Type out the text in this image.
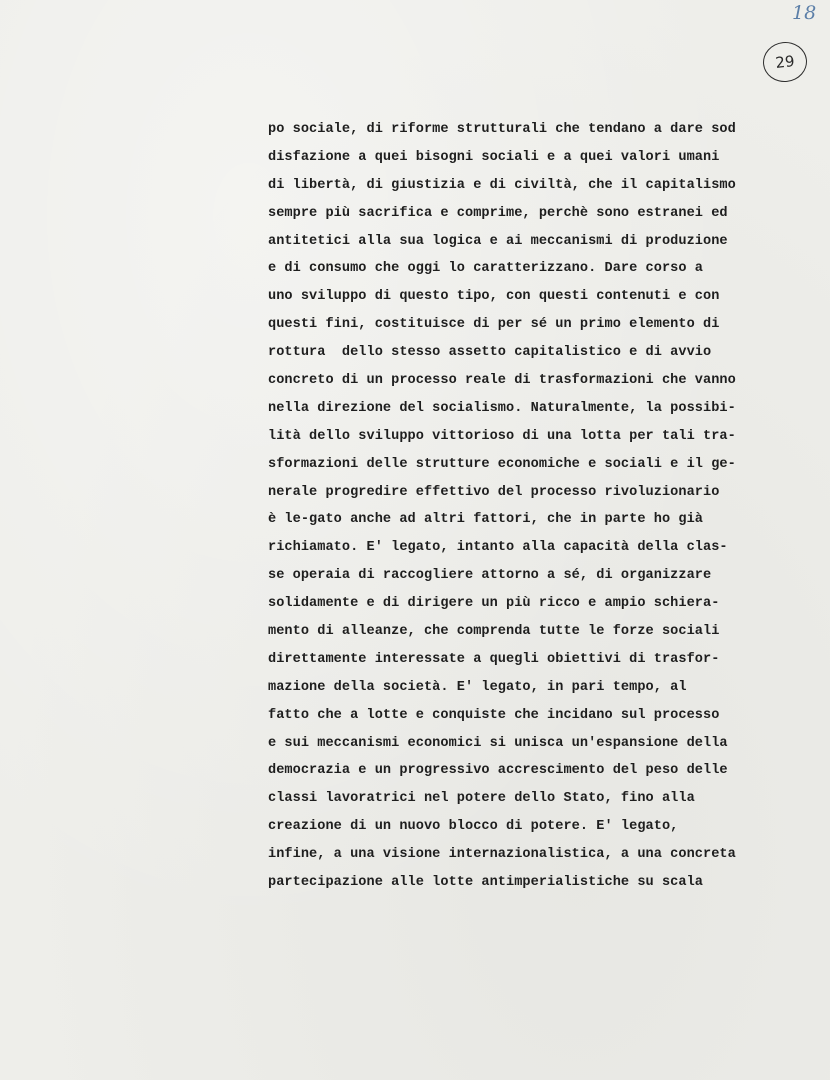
18
29
po sociale, di riforme strutturali che tendano a dare sod
disfazione a quei bisogni sociali e a quei valori umani
di libertà, di giustizia e di civiltà, che il capitalismo
sempre più sacrifica e comprime, perchè sono estranei ed
antitetici alla sua logica e ai meccanismi di produzione
e di consumo che oggi lo caratterizzano. Dare corso a
uno sviluppo di questo tipo, con questi contenuti e con
questi fini, costituisce di per sé un primo elemento di
rottura  dello stesso assetto capitalistico e di avvio
concreto di un processo reale di trasformazioni che vanno
nella direzione del socialismo. Naturalmente, la possibi-
lità dello sviluppo vittorioso di una lotta per tali tra-
sformazioni delle strutture economiche e sociali e il ge-
nerale progredire effettivo del processo rivoluzionario
è le-gato anche ad altri fattori, che in parte ho già
richiamato. E' legato, intanto alla capacità della clas-
se operaia di raccogliere attorno a sé, di organizzare
solidamente e di dirigere un più ricco e ampio schiera-
mento di alleanze, che comprenda tutte le forze sociali
direttamente interessate a quegli obiettivi di trasfor-
mazione della società. E' legato, in pari tempo, al
fatto che a lotte e conquiste che incidano sul processo
e sui meccanismi economici si unisca un'espansione della
democrazia e un progressivo accrescimento del peso delle
classi lavoratrici nel potere dello Stato, fino alla
creazione di un nuovo blocco di potere. E' legato,
infine, a una visione internazionalistica, a una concreta
partecipazione alle lotte antimperialistiche su scala
